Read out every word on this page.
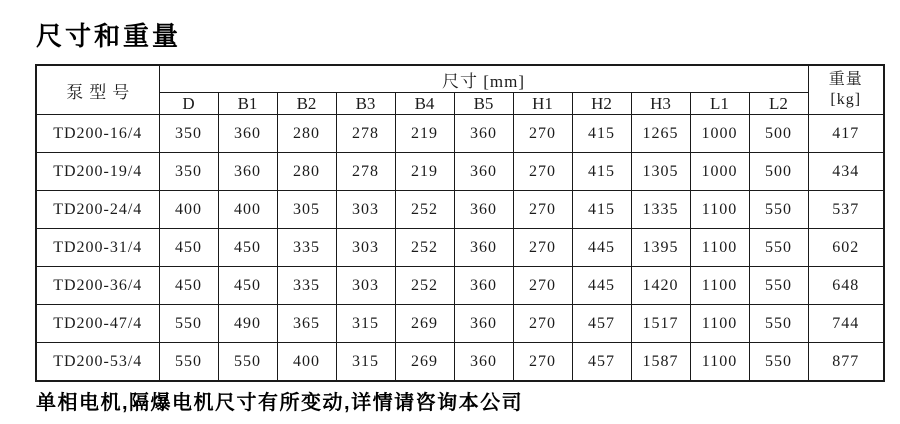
尺寸和重量
泵型号	尺寸 [mm]											重量
[kg]
	D	B1	B2	B3	B4	B5	H1	H2	H3	L1	L2	
TD200-16/4	350	360	280	278	219	360	270	415	1265	1000	500	417
TD200-19/4	350	360	280	278	219	360	270	415	1305	1000	500	434
TD200-24/4	400	400	305	303	252	360	270	415	1335	1100	550	537
TD200-31/4	450	450	335	303	252	360	270	445	1395	1100	550	602
TD200-36/4	450	450	335	303	252	360	270	445	1420	1100	550	648
TD200-47/4	550	490	365	315	269	360	270	457	1517	1100	550	744
TD200-53/4	550	550	400	315	269	360	270	457	1587	1100	550	877
单相电机,隔爆电机尺寸有所变动,详情请咨询本公司
